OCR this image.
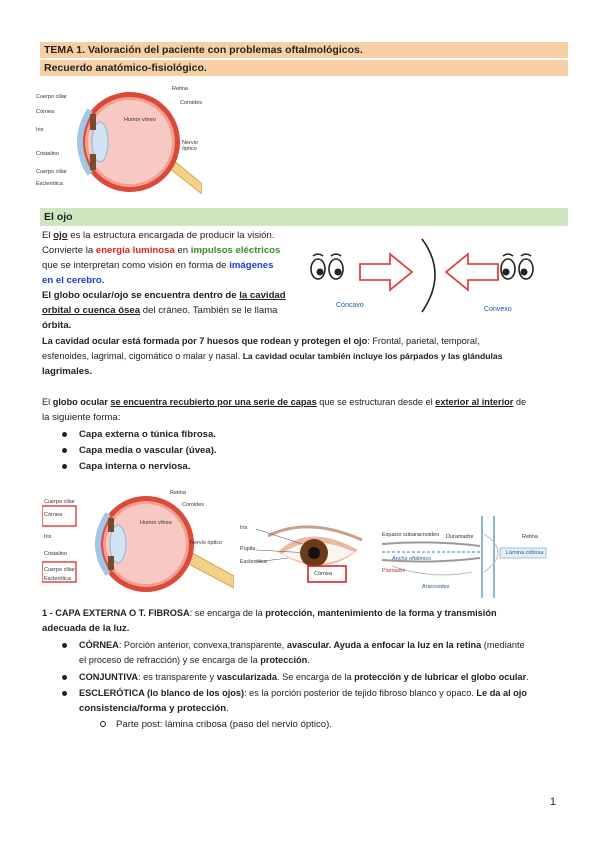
TEMA 1. Valoración del paciente con problemas oftalmológicos.
Recuerdo anatómico-fisiológico.
Cuerpo ciliar
Córnea
Iris
Cristalino
Cuerpo ciliar
Esclerótica
Retina
Coroides
Humor vítreo
Nervio óptico
El ojo
El ojo es la estructura encargada de producir la visión.
Convierte la energía luminosa en impulsos eléctricos
que se interpretan como visión en forma de imágenes
en el cerebro.
El globo ocular/ojo se encuentra dentro de la cavidad
orbital o cuenca ósea del cráneo. También se le llama
órbita.
Cóncavo
Convexo
La cavidad ocular está formada por 7 huesos que rodean y protegen el ojo: Frontal, parietal, temporal,
esfenoides, lagrimal, cigomático o malar y nasal. La cavidad ocular también incluye los párpados y las glándulas
lagrimales.
El globo ocular se encuentra recubierto por una serie de capas que se estructuran desde el exterior al interior de
la siguiente forma:
Capa externa o túnica fibrosa.
Capa media o vascular (úvea).
Capa interna o nerviosa.
Cuerpo ciliar
Retina
Coroides
Córnea
Humor vítreo
Iris
Cristalino
Nervio óptico
Cuerpo ciliar
Esclerótica
Iris
Pupila
Esclerótica
Córnea
Espacio subaracnoideo Duramadre	Retina
Lámina cribosa
Ancho oftálmico
Piamadre
Aracnoides
1 - CAPA EXTERNA O T. FIBROSA: se encarga de la protección, mantenimiento de la forma y transmisión
adecuada de la luz.
CÓRNEA: Porción anterior, convexa,transparente, avascular. Ayuda a enfocar la luz en la retina (mediante
el proceso de refracción) y se encarga de la protección.
CONJUNTIVA: es transparente y vascularizada. Se encarga de la protección y de lubricar el globo ocular.
ESCLERÓTICA (lo blanco de los ojos): es la porción posterior de tejido fibroso blanco y opaco. Le da al ojo
consistencia/forma y protección.
Parte post: lámina cribosa (paso del nervio óptico).
1
